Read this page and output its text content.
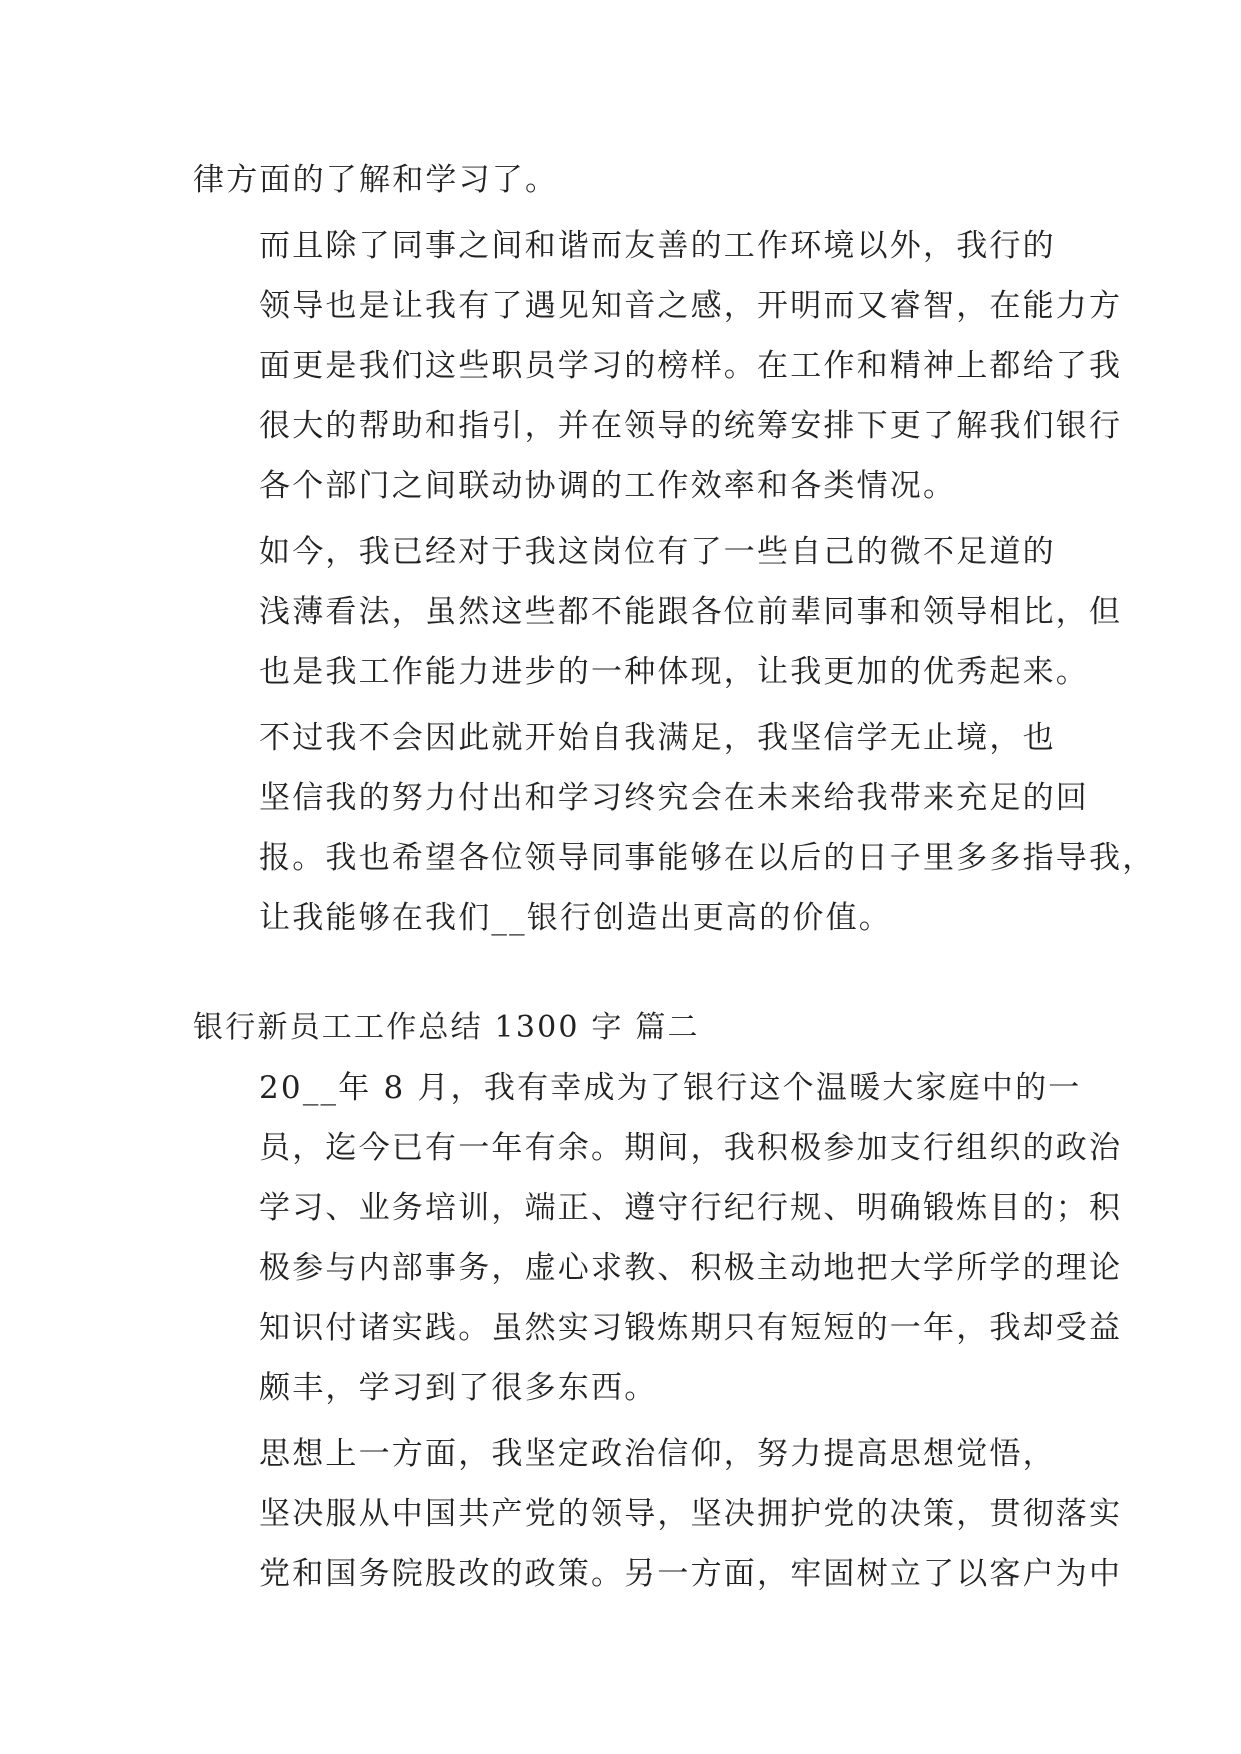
律方面的了解和学习了。

而且除了同事之间和谐而友善的工作环境以外，我行的
领导也是让我有了遇见知音之感，开明而又睿智，在能力方
面更是我们这些职员学习的榜样。在工作和精神上都给了我
很大的帮助和指引，并在领导的统筹安排下更了解我们银行
各个部门之间联动协调的工作效率和各类情况。

如今，我已经对于我这岗位有了一些自己的微不足道的
浅薄看法，虽然这些都不能跟各位前辈同事和领导相比，但
也是我工作能力进步的一种体现，让我更加的优秀起来。

不过我不会因此就开始自我满足，我坚信学无止境，也
坚信我的努力付出和学习终究会在未来给我带来充足的回
报。我也希望各位领导同事能够在以后的日子里多多指导我，
让我能够在我们__银行创造出更高的价值。

银行新员工工作总结 1300 字 篇二

20__年 8 月，我有幸成为了银行这个温暖大家庭中的一
员，迄今已有一年有余。期间，我积极参加支行组织的政治
学习、业务培训，端正、遵守行纪行规、明确锻炼目的；积
极参与内部事务，虚心求教、积极主动地把大学所学的理论
知识付诸实践。虽然实习锻炼期只有短短的一年，我却受益
颇丰，学习到了很多东西。

思想上一方面，我坚定政治信仰，努力提高思想觉悟，
坚决服从中国共产党的领导，坚决拥护党的决策，贯彻落实
党和国务院股改的政策。另一方面，牢固树立了以客户为中
